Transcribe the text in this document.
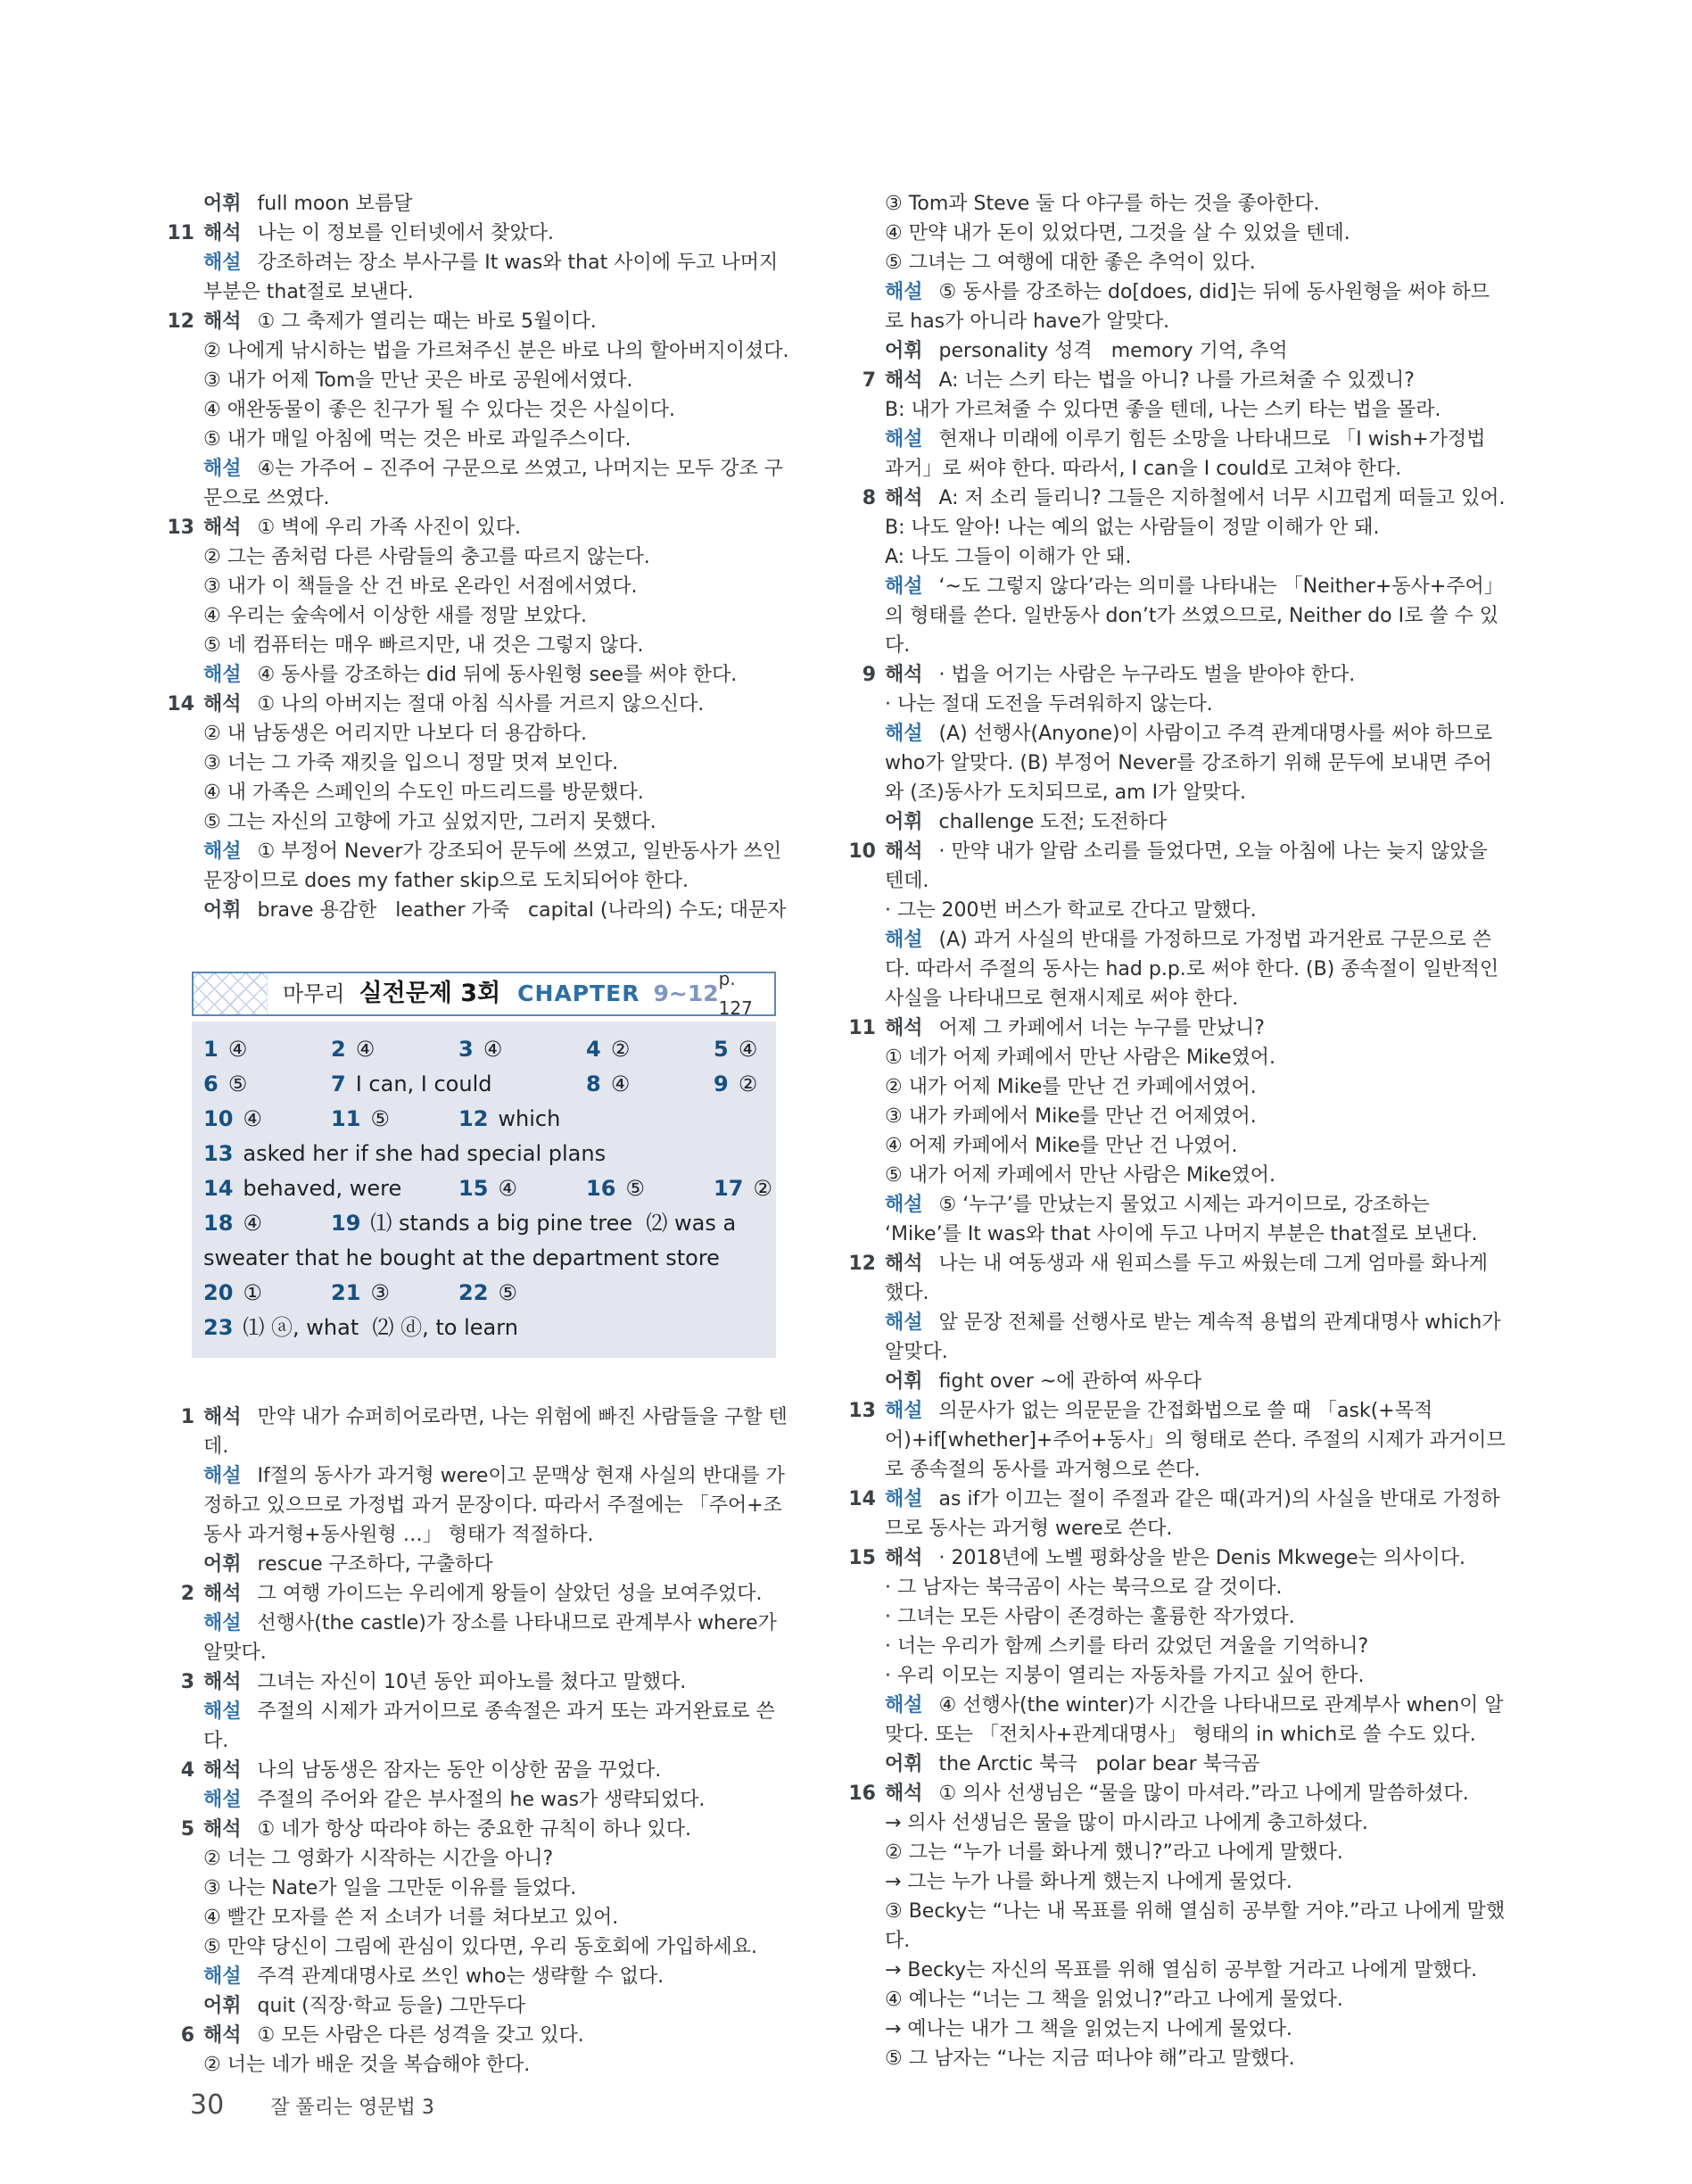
어휘 full moon 보름달

11 해석 나는 이 정보를 인터넷에서 찾았다.

해설 강조하려는 장소 부사구를 It was와 that 사이에 두고 나머지 부분은 that절로 보낸다.

12 해석 ① 그 축제가 열리는 때는 바로 5월이다.

② 나에게 낚시하는 법을 가르쳐주신 분은 바로 나의 할아버지이셨다.

③ 내가 어제 Tom을 만난 곳은 바로 공원에서였다.

④ 애완동물이 좋은 친구가 될 수 있다는 것은 사실이다.

⑤ 내가 매일 아침에 먹는 것은 바로 과일주스이다.

해설 ④는 가주어 – 진주어 구문으로 쓰였고, 나머지는 모두 강조 구문으로 쓰였다.

13 해석 ① 벽에 우리 가족 사진이 있다.

② 그는 좀처럼 다른 사람들의 충고를 따르지 않는다.

③ 내가 이 책들을 산 건 바로 온라인 서점에서였다.

④ 우리는 숲속에서 이상한 새를 정말 보았다.

⑤ 네 컴퓨터는 매우 빠르지만, 내 것은 그렇지 않다.

해설 ④ 동사를 강조하는 did 뒤에 동사원형 see를 써야 한다.

14 해석 ① 나의 아버지는 절대 아침 식사를 거르지 않으신다.

② 내 남동생은 어리지만 나보다 더 용감하다.

③ 너는 그 가죽 재킷을 입으니 정말 멋져 보인다.

④ 내 가족은 스페인의 수도인 마드리드를 방문했다.

⑤ 그는 자신의 고향에 가고 싶었지만, 그러지 못했다.

해설 ① 부정어 Never가 강조되어 문두에 쓰였고, 일반동사가 쓰인 문장이므로 does my father skip으로 도치되어야 한다.

어휘 brave 용감한   leather 가죽   capital (나라의) 수도; 대문자

마무리 실전문제 3회 CHAPTER 9~12
p. 127
1 ④	2 ④	3 ④	4 ②	5 ④
6 ⑤	7 I can, I could	8 ④	9 ②
10 ④	11 ⑤	12 which
13 asked her if she had special plans
14 behaved, were	15 ④	16 ⑤	17 ②
18 ④	19 ⑴ stands a big pine tree  ⑵ was a
sweater that he bought at the department store
20 ①	21 ③	22 ⑤
23 ⑴ ⓐ, what  ⑵ ⓓ, to learn
1 해석 만약 내가 슈퍼히어로라면, 나는 위험에 빠진 사람들을 구할 텐데.

해설 If절의 동사가 과거형 were이고 문맥상 현재 사실의 반대를 가정하고 있으므로 가정법 과거 문장이다. 따라서 주절에는 「주어+조동사 과거형+동사원형 …」 형태가 적절하다.

어휘 rescue 구조하다, 구출하다

2 해석 그 여행 가이드는 우리에게 왕들이 살았던 성을 보여주었다.

해설 선행사(the castle)가 장소를 나타내므로 관계부사 where가 알맞다.

3 해석 그녀는 자신이 10년 동안 피아노를 쳤다고 말했다.

해설 주절의 시제가 과거이므로 종속절은 과거 또는 과거완료로 쓴다.

4 해석 나의 남동생은 잠자는 동안 이상한 꿈을 꾸었다.

해설 주절의 주어와 같은 부사절의 he was가 생략되었다.

5 해석 ① 네가 항상 따라야 하는 중요한 규칙이 하나 있다.

② 너는 그 영화가 시작하는 시간을 아니?

③ 나는 Nate가 일을 그만둔 이유를 들었다.

④ 빨간 모자를 쓴 저 소녀가 너를 쳐다보고 있어.

⑤ 만약 당신이 그림에 관심이 있다면, 우리 동호회에 가입하세요.

해설 주격 관계대명사로 쓰인 who는 생략할 수 없다.

어휘 quit (직장·학교 등을) 그만두다

6 해석 ① 모든 사람은 다른 성격을 갖고 있다.

② 너는 네가 배운 것을 복습해야 한다.

③ Tom과 Steve 둘 다 야구를 하는 것을 좋아한다.

④ 만약 내가 돈이 있었다면, 그것을 살 수 있었을 텐데.

⑤ 그녀는 그 여행에 대한 좋은 추억이 있다.

해설 ⑤ 동사를 강조하는 do[does, did]는 뒤에 동사원형을 써야 하므로 has가 아니라 have가 알맞다.

어휘 personality 성격   memory 기억, 추억

7 해석 A: 너는 스키 타는 법을 아니? 나를 가르쳐줄 수 있겠니?

B: 내가 가르쳐줄 수 있다면 좋을 텐데, 나는 스키 타는 법을 몰라.

해설 현재나 미래에 이루기 힘든 소망을 나타내므로 「I wish+가정법 과거」로 써야 한다. 따라서, I can을 I could로 고쳐야 한다.

8 해석 A: 저 소리 들리니? 그들은 지하철에서 너무 시끄럽게 떠들고 있어.

B: 나도 알아! 나는 예의 없는 사람들이 정말 이해가 안 돼.

A: 나도 그들이 이해가 안 돼.

해설 ‘~도 그렇지 않다’라는 의미를 나타내는 「Neither+동사+주어」의 형태를 쓴다. 일반동사 don’t가 쓰였으므로, Neither do I로 쓸 수 있다.

9 해석 · 법을 어기는 사람은 누구라도 벌을 받아야 한다.

· 나는 절대 도전을 두려워하지 않는다.

해설 (A) 선행사(Anyone)이 사람이고 주격 관계대명사를 써야 하므로 who가 알맞다. (B) 부정어 Never를 강조하기 위해 문두에 보내면 주어와 (조)동사가 도치되므로, am I가 알맞다.

어휘 challenge 도전; 도전하다

10 해석 · 만약 내가 알람 소리를 들었다면, 오늘 아침에 나는 늦지 않았을 텐데.

· 그는 200번 버스가 학교로 간다고 말했다.

해설 (A) 과거 사실의 반대를 가정하므로 가정법 과거완료 구문으로 쓴다. 따라서 주절의 동사는 had p.p.로 써야 한다. (B) 종속절이 일반적인 사실을 나타내므로 현재시제로 써야 한다.

11 해석 어제 그 카페에서 너는 누구를 만났니?

① 네가 어제 카페에서 만난 사람은 Mike였어.

② 내가 어제 Mike를 만난 건 카페에서였어.

③ 내가 카페에서 Mike를 만난 건 어제였어.

④ 어제 카페에서 Mike를 만난 건 나였어.

⑤ 내가 어제 카페에서 만난 사람은 Mike였어.

해설 ⑤ ‘누구’를 만났는지 물었고 시제는 과거이므로, 강조하는 ‘Mike’를 It was와 that 사이에 두고 나머지 부분은 that절로 보낸다.

12 해석 나는 내 여동생과 새 원피스를 두고 싸웠는데 그게 엄마를 화나게 했다.

해설 앞 문장 전체를 선행사로 받는 계속적 용법의 관계대명사 which가 알맞다.

어휘 fight over ~에 관하여 싸우다

13 해설 의문사가 없는 의문문을 간접화법으로 쓸 때 「ask(+목적어)+if[whether]+주어+동사」의 형태로 쓴다. 주절의 시제가 과거이므로 종속절의 동사를 과거형으로 쓴다.

14 해설 as if가 이끄는 절이 주절과 같은 때(과거)의 사실을 반대로 가정하므로 동사는 과거형 were로 쓴다.

15 해석 · 2018년에 노벨 평화상을 받은 Denis Mkwege는 의사이다.

· 그 남자는 북극곰이 사는 북극으로 갈 것이다.

· 그녀는 모든 사람이 존경하는 훌륭한 작가였다.

· 너는 우리가 함께 스키를 타러 갔었던 겨울을 기억하니?

· 우리 이모는 지붕이 열리는 자동차를 가지고 싶어 한다.

해설 ④ 선행사(the winter)가 시간을 나타내므로 관계부사 when이 알맞다. 또는 「전치사+관계대명사」 형태의 in which로 쓸 수도 있다.

어휘 the Arctic 북극   polar bear 북극곰

16 해석 ① 의사 선생님은 “물을 많이 마셔라.”라고 나에게 말씀하셨다.

→ 의사 선생님은 물을 많이 마시라고 나에게 충고하셨다.

② 그는 “누가 너를 화나게 했니?”라고 나에게 말했다.

→ 그는 누가 나를 화나게 했는지 나에게 물었다.

③ Becky는 “나는 내 목표를 위해 열심히 공부할 거야.”라고 나에게 말했다.

→ Becky는 자신의 목표를 위해 열심히 공부할 거라고 나에게 말했다.

④ 예나는 “너는 그 책을 읽었니?”라고 나에게 물었다.

→ 예나는 내가 그 책을 읽었는지 나에게 물었다.

⑤ 그 남자는 “나는 지금 떠나야 해”라고 말했다.

30 잘 풀리는 영문법 3
